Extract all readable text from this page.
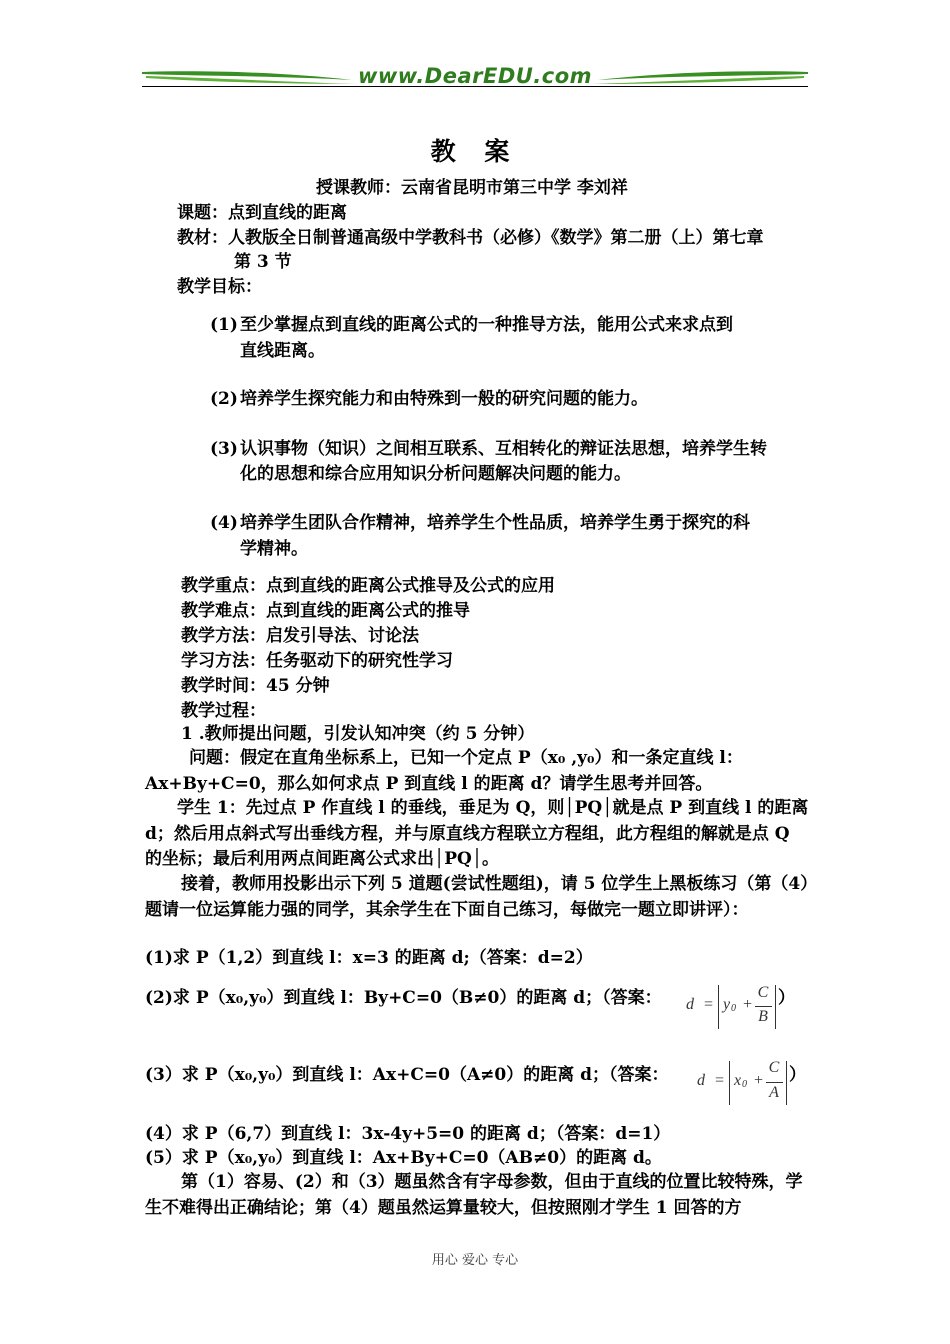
www.DearEDU.com
教 案
授课教师：云南省昆明市第三中学 李刘祥
课题：点到直线的距离
教材：人教版全日制普通高级中学教科书（必修）《数学》第二册（上）第七章
第 3 节
教学目标：
(1) 至少掌握点到直线的距离公式的一种推导方法，能用公式来求点到
直线距离。
(2) 培养学生探究能力和由特殊到一般的研究问题的能力。
(3) 认识事物（知识）之间相互联系、互相转化的辩证法思想，培养学生转
化的思想和综合应用知识分析问题解决问题的能力。
(4) 培养学生团队合作精神，培养学生个性品质，培养学生勇于探究的科
学精神。
教学重点：点到直线的距离公式推导及公式的应用
教学难点：点到直线的距离公式的推导
教学方法：启发引导法、讨论法
学习方法：任务驱动下的研究性学习
教学时间：45 分钟
教学过程：
1 .教师提出问题，引发认知冲突（约 5 分钟）
问题：假定在直角坐标系上，已知一个定点 P（x₀ ,y₀）和一条定直线 l：Ax+By+C=0，那么如何求点 P 到直线 l 的距离 d？请学生思考并回答。
学生 1：先过点 P 作直线 l 的垂线，垂足为 Q，则│PQ│就是点 P 到直线 l 的距离 d；然后用点斜式写出垂线方程，并与原直线方程联立方程组，此方程组的解就是点 Q 的坐标；最后利用两点间距离公式求出│PQ│。
接着，教师用投影出示下列 5 道题(尝试性题组)，请 5 位学生上黑板练习（第（4）题请一位运算能力强的同学，其余学生在下面自己练习，每做完一题立即讲评）：
(1)求 P（1,2）到直线 l：x=3 的距离 d;（答案：d=2）
(2)求 P（x₀,y₀）到直线 l：By+C=0（B≠0）的距离 d；（答案： d = y 0 +
C
B
）
(3）求 P（x₀,y₀）到直线 l：Ax+C=0（A≠0）的距离 d；（答案： d = x 0 +
C
A
）
(4）求 P（6,7）到直线 l：3x-4y+5=0 的距离 d；（答案：d=1）
(5）求 P（x₀,y₀）到直线 l：Ax+By+C=0（AB≠0）的距离 d。
第（1）容易、(2）和（3）题虽然含有字母参数，但由于直线的位置比较特殊，学生不难得出正确结论；第（4）题虽然运算量较大，但按照刚才学生 1 回答的方
用心 爱心 专心
